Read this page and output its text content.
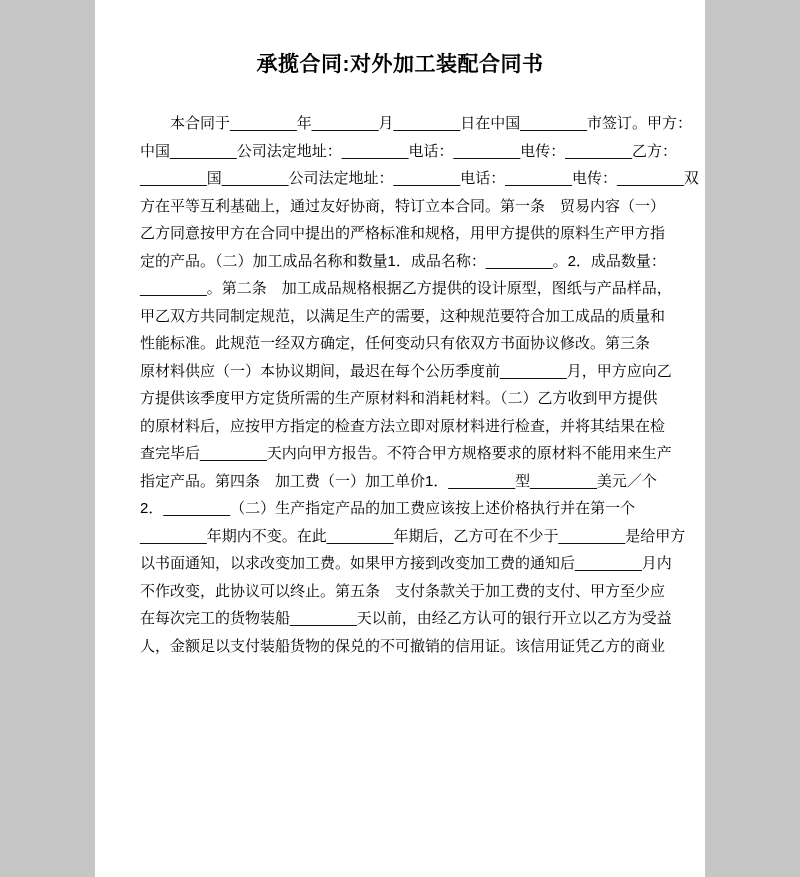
承揽合同:对外加工装配合同书
本合同于________年________月________日在中国________市签订。甲方：
中国________公司法定地址：________电话：________电传：________乙方：
________国________公司法定地址：________电话：________电传：________双
方在平等互利基础上，通过友好协商，特订立本合同。第一条　贸易内容（一）
乙方同意按甲方在合同中提出的严格标准和规格，用甲方提供的原料生产甲方指
定的产品。（二）加工成品名称和数量1．成品名称：________。2．成品数量：
________。第二条　加工成品规格根据乙方提供的设计原型，图纸与产品样品，
甲乙双方共同制定规范，以满足生产的需要，这种规范要符合加工成品的质量和
性能标准。此规范一经双方确定，任何变动只有依双方书面协议修改。第三条
原材料供应（一）本协议期间，最迟在每个公历季度前________月，甲方应向乙
方提供该季度甲方定货所需的生产原材料和消耗材料。（二）乙方收到甲方提供
的原材料后，应按甲方指定的检查方法立即对原材料进行检查，并将其结果在检
查完毕后________天内向甲方报告。不符合甲方规格要求的原材料不能用来生产
指定产品。第四条　加工费（一）加工单价1．________型________美元／个
2．________（二）生产指定产品的加工费应该按上述价格执行并在第一个
________年期内不变。在此________年期后，乙方可在不少于________是给甲方
以书面通知，以求改变加工费。如果甲方接到改变加工费的通知后________月内
不作改变，此协议可以终止。第五条　支付条款关于加工费的支付、甲方至少应
在每次完工的货物装船________天以前，由经乙方认可的银行开立以乙方为受益
人，金额足以支付装船货物的保兑的不可撤销的信用证。该信用证凭乙方的商业
